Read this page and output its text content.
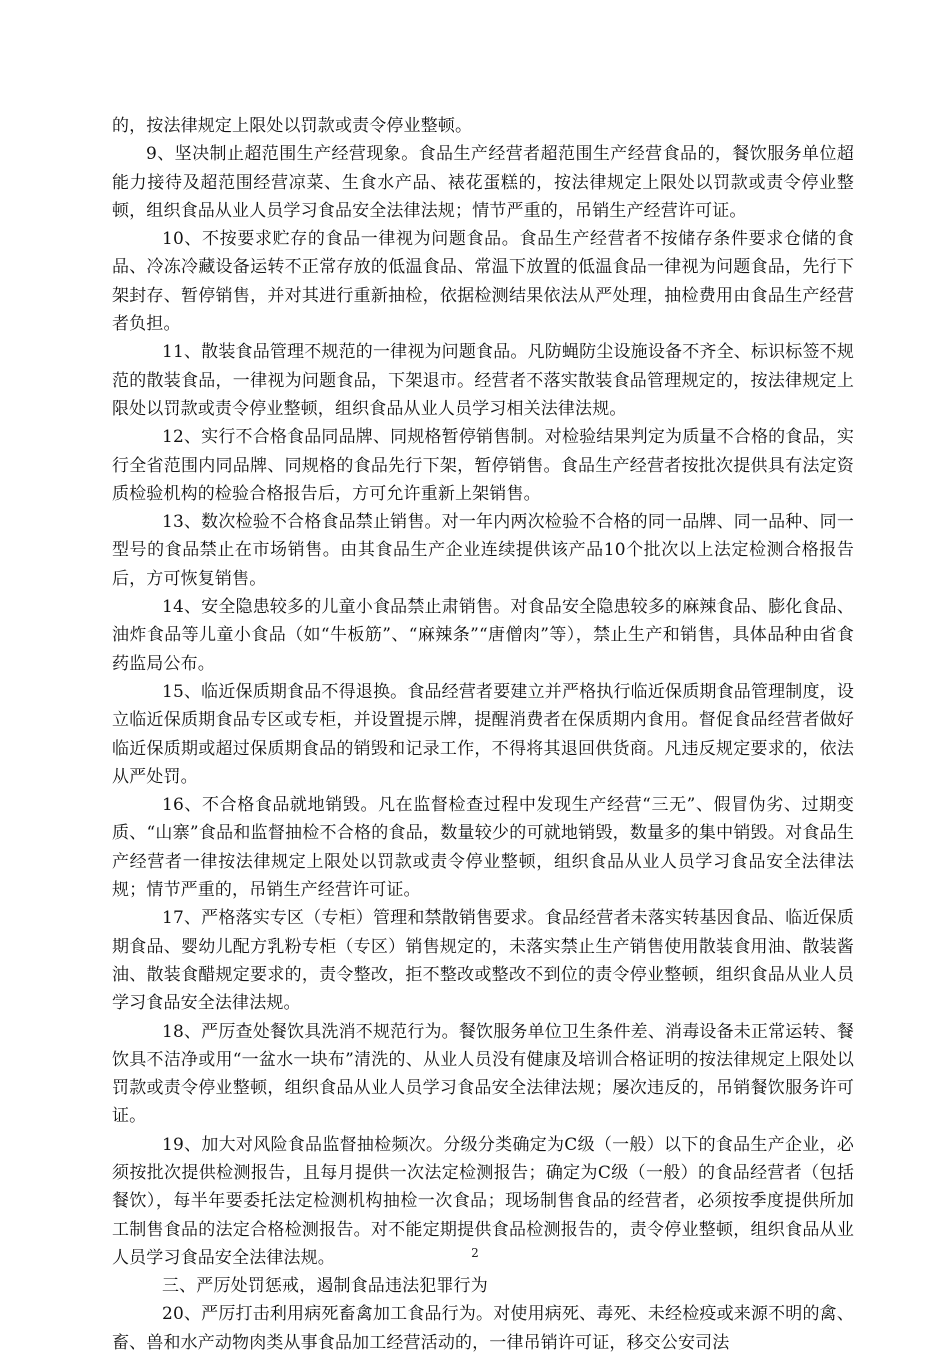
的，按法律规定上限处以罚款或责令停业整顿。

9、坚决制止超范围生产经营现象。食品生产经营者超范围生产经营食品的，餐饮服务单位超能力接待及超范围经营凉菜、生食水产品、裱花蛋糕的，按法律规定上限处以罚款或责令停业整顿，组织食品从业人员学习食品安全法律法规；情节严重的，吊销生产经营许可证。

10、不按要求贮存的食品一律视为问题食品。食品生产经营者不按储存条件要求仓储的食品、冷冻冷藏设备运转不正常存放的低温食品、常温下放置的低温食品一律视为问题食品，先行下架封存、暂停销售，并对其进行重新抽检，依据检测结果依法从严处理，抽检费用由食品生产经营者负担。

11、散装食品管理不规范的一律视为问题食品。凡防蝇防尘设施设备不齐全、标识标签不规范的散装食品，一律视为问题食品，下架退市。经营者不落实散装食品管理规定的，按法律规定上限处以罚款或责令停业整顿，组织食品从业人员学习相关法律法规。

12、实行不合格食品同品牌、同规格暂停销售制。对检验结果判定为质量不合格的食品，实行全省范围内同品牌、同规格的食品先行下架，暂停销售。食品生产经营者按批次提供具有法定资质检验机构的检验合格报告后，方可允许重新上架销售。

13、数次检验不合格食品禁止销售。对一年内两次检验不合格的同一品牌、同一品种、同一型号的食品禁止在市场销售。由其食品生产企业连续提供该产品10个批次以上法定检测合格报告后，方可恢复销售。

14、安全隐患较多的儿童小食品禁止肃销售。对食品安全隐患较多的麻辣食品、膨化食品、油炸食品等儿童小食品（如“牛板筋”、“麻辣条”“唐僧肉”等），禁止生产和销售，具体品种由省食药监局公布。

15、临近保质期食品不得退换。食品经营者要建立并严格执行临近保质期食品管理制度，设立临近保质期食品专区或专柜，并设置提示牌，提醒消费者在保质期内食用。督促食品经营者做好临近保质期或超过保质期食品的销毁和记录工作，不得将其退回供货商。凡违反规定要求的，依法从严处罚。

16、不合格食品就地销毁。凡在监督检查过程中发现生产经营“三无”、假冒伪劣、过期变质、“山寨”食品和监督抽检不合格的食品，数量较少的可就地销毁，数量多的集中销毁。对食品生产经营者一律按法律规定上限处以罚款或责令停业整顿，组织食品从业人员学习食品安全法律法规；情节严重的，吊销生产经营许可证。

17、严格落实专区（专柜）管理和禁散销售要求。食品经营者未落实转基因食品、临近保质期食品、婴幼儿配方乳粉专柜（专区）销售规定的，未落实禁止生产销售使用散装食用油、散装酱油、散装食醋规定要求的，责令整改，拒不整改或整改不到位的责令停业整顿，组织食品从业人员学习食品安全法律法规。

18、严厉查处餐饮具洗消不规范行为。餐饮服务单位卫生条件差、消毒设备未正常运转、餐饮具不洁净或用“一盆水一块布”清洗的、从业人员没有健康及培训合格证明的按法律规定上限处以罚款或责令停业整顿，组织食品从业人员学习食品安全法律法规；屡次违反的，吊销餐饮服务许可证。

19、加大对风险食品监督抽检频次。分级分类确定为C级（一般）以下的食品生产企业，必须按批次提供检测报告，且每月提供一次法定检测报告；确定为C级（一般）的食品经营者（包括餐饮），每半年要委托法定检测机构抽检一次食品；现场制售食品的经营者，必须按季度提供所加工制售食品的法定合格检测报告。对不能定期提供食品检测报告的，责令停业整顿，组织食品从业人员学习食品安全法律法规。

三、严厉处罚惩戒，遏制食品违法犯罪行为

20、严厉打击利用病死畜禽加工食品行为。对使用病死、毒死、未经检疫或来源不明的禽、畜、兽和水产动物肉类从事食品加工经营活动的，一律吊销许可证，移交公安司法

2
